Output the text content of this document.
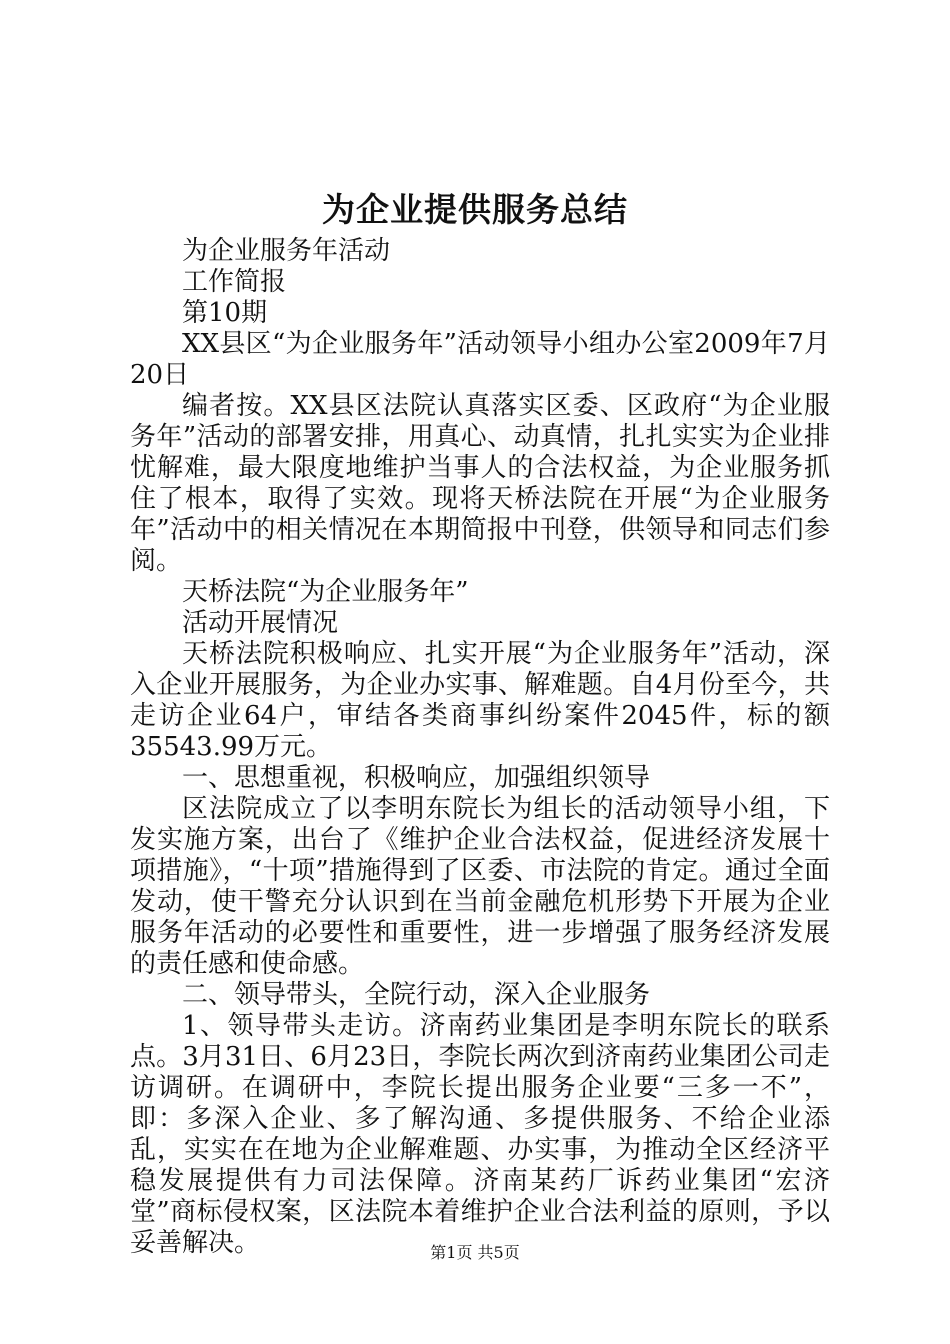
为企业提供服务总结

为企业服务年活动

工作简报

第10期

XX县区“为企业服务年”活动领导小组办公室2009年7月20日

编者按。XX县区法院认真落实区委、区政府“为企业服务年”活动的部署安排，用真心、动真情，扎扎实实为企业排忧解难，最大限度地维护当事人的合法权益，为企业服务抓住了根本，取得了实效。现将天桥法院在开展“为企业服务年”活动中的相关情况在本期简报中刊登，供领导和同志们参阅。

天桥法院“为企业服务年”

活动开展情况

天桥法院积极响应、扎实开展“为企业服务年”活动，深入企业开展服务，为企业办实事、解难题。自4月份至今，共走访企业64户，审结各类商事纠纷案件2045件，标的额35543.99万元。

一、思想重视，积极响应，加强组织领导

区法院成立了以李明东院长为组长的活动领导小组，下发实施方案，出台了《维护企业合法权益，促进经济发展十项措施》，“十项”措施得到了区委、市法院的肯定。通过全面发动，使干警充分认识到在当前金融危机形势下开展为企业服务年活动的必要性和重要性，进一步增强了服务经济发展的责任感和使命感。

二、领导带头，全院行动，深入企业服务

1、领导带头走访。济南药业集团是李明东院长的联系点。3月31日、6月23日，李院长两次到济南药业集团公司走访调研。在调研中，李院长提出服务企业要“三多一不”，即：多深入企业、多了解沟通、多提供服务、不给企业添乱，实实在在地为企业解难题、办实事，为推动全区经济平稳发展提供有力司法保障。济南某药厂诉药业集团“宏济堂”商标侵权案，区法院本着维护企业合法利益的原则，予以妥善解决。	第1页 共5页
